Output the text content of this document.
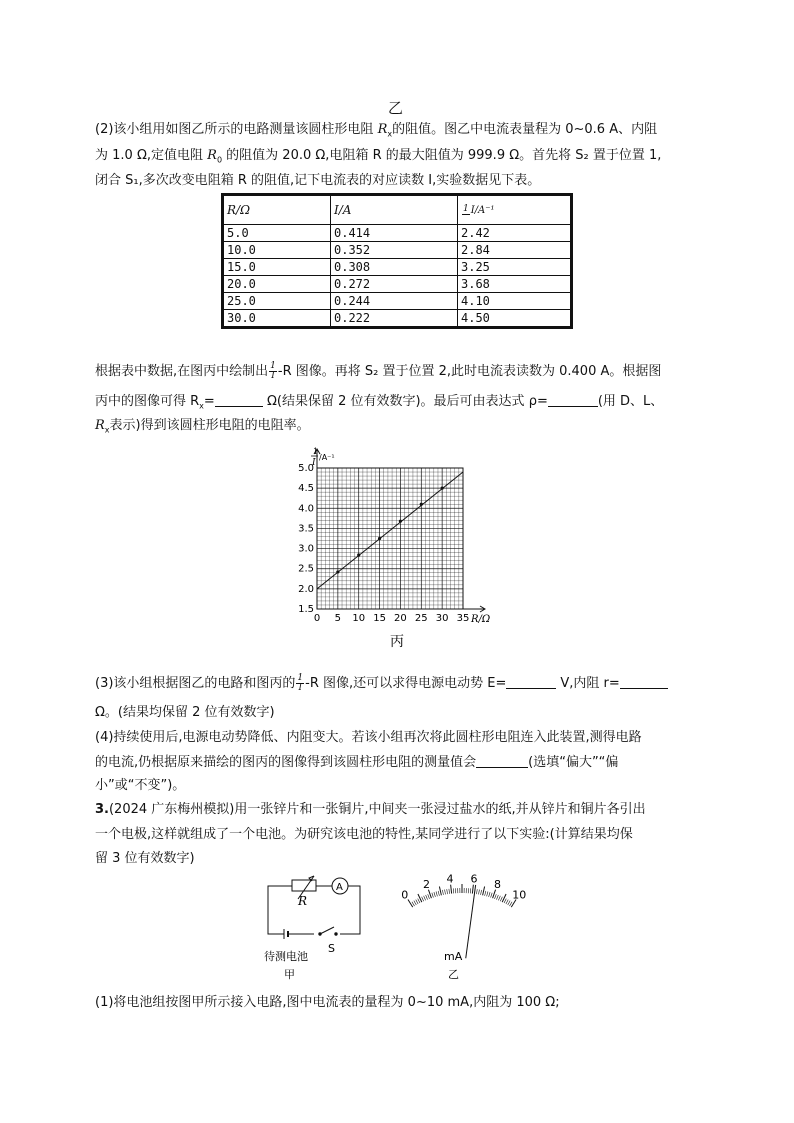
乙
(2)该小组用如图乙所示的电路测量该圆柱形电阻 $R_x$的阻值。图乙中电流表量程为 0~0.6 A、内阻
为 1.0 Ω,定值电阻 $R_0$ 的阻值为 20.0 Ω,电阻箱 R 的最大阻值为 999.9 Ω。首先将 S₂ 置于位置 1,
闭合 S₁,多次改变电阻箱 R 的阻值,记下电流表的对应读数 I,实验数据见下表。
R/Ω	I/A	1 I/A⁻¹
5.0	0.414	2.42
10.0	0.352	2.84
15.0	0.308	3.25
20.0	0.272	3.68
25.0	0.244	4.10
30.0	0.222	4.50
根据表中数据,在图丙中绘制出 $\frac{1}{I} -R$ 图像。再将 S₂ 置于位置 2,此时电流表读数为 0.400 A。根据图
丙中的图像可得 $R_x=$	Ω(结果保留 2 位有效数字)。最后可由表达式 ρ=	(用 D、L、
$R_x$表示)得到该圆柱形电阻的电阻率。
0 5 10 15 20 25 30 35
1.5
2.0
2.5
3.0
3.5
4.0
4.5
5.0
1
I
/A⁻¹
R/Ω
丙
(3)该小组根据图乙的电路和图丙的 $\frac{1}{I} -R$ 图像,还可以求得电源电动势 E=	V,内阻 r=
Ω。(结果均保留 2 位有效数字)
(4)持续使用后,电源电动势降低、内阻变大。若该小组再次将此圆柱形电阻连入此装置,测得电路
的电流,仍根据原来描绘的图丙的图像得到该圆柱形电阻的测量值会	(选填“偏大”“偏
小”或“不变”)。
3.(2024 广东梅州模拟)用一张锌片和一张铜片,中间夹一张浸过盐水的纸,并从锌片和铜片各引出
一个电极,这样就组成了一个电池。为研究该电池的特性,某同学进行了以下实验:(计算结果均保
留 3 位有效数字)
R
A
待测电池
S
甲
0
2 4 6 8
10
mA
乙
(1)将电池组按图甲所示接入电路,图中电流表的量程为 0~10 mA,内阻为 100 Ω;
